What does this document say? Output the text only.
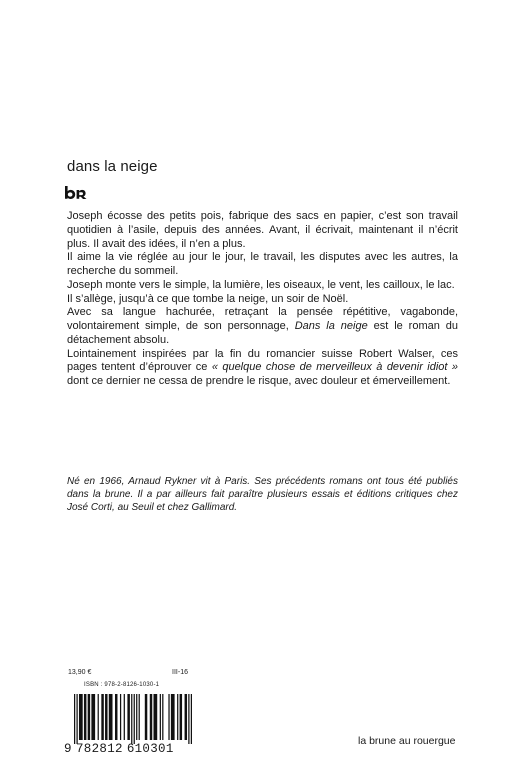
dans la neige

Joseph écosse des petits pois, fabrique des sacs en papier, c’est son travail quotidien à l’asile, depuis des années. Avant, il écrivait, maintenant il n’écrit plus. Il avait des idées, il n’en a plus.

Il aime la vie réglée au jour le jour, le travail, les disputes avec les autres, la recherche du sommeil.

Joseph monte vers le simple, la lumière, les oiseaux, le vent, les cailloux, le lac.

Il s’allège, jusqu’à ce que tombe la neige, un soir de Noël.

Avec sa langue hachurée, retraçant la pensée répétitive, vagabonde, volontairement simple, de son personnage, Dans la neige est le roman du détachement absolu.

Lointainement inspirées par la fin du romancier suisse Robert Walser, ces pages tentent d’éprouver ce « quelque chose de merveilleux à devenir idiot » dont ce dernier ne cessa de prendre le risque, avec douleur et émerveillement.

Né en 1966, Arnaud Rykner vit à Paris. Ses précédents romans ont tous été publiés dans la brune. Il a par ailleurs fait paraître plusieurs essais et éditions critiques chez José Corti, au Seuil et chez Gallimard.
13,90 €	III-16
ISBN : 978-2-8126-1030-1
9 782812 610301
la brune au rouergue
